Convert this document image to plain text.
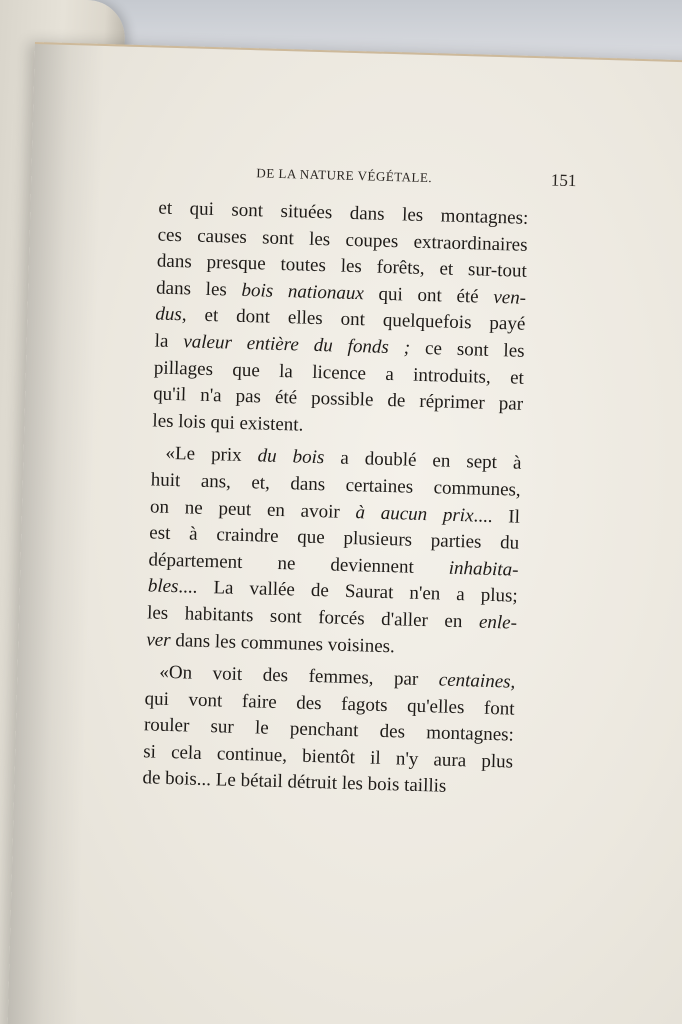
DE LA NATURE VÉGÉTALE.	151
et qui sont situées dans les montagnes:
ces causes sont les coupes extraordinaires
dans presque toutes les forêts, et sur-tout
dans les bois nationaux qui ont été ven-
dus, et dont elles ont quelquefois payé
la valeur entière du fonds ; ce sont les
pillages que la licence a introduits, et
qu'il n'a pas été possible de réprimer par
les lois qui existent.
«Le prix du bois a doublé en sept à
huit ans, et, dans certaines communes,
on ne peut en avoir à aucun prix.... Il
est à craindre que plusieurs parties du
département ne deviennent inhabita-
bles.... La vallée de Saurat n'en a plus;
les habitants sont forcés d'aller en enle-
ver dans les communes voisines.
«On voit des femmes, par centaines,
qui vont faire des fagots qu'elles font
rouler sur le penchant des montagnes:
si cela continue, bientôt il n'y aura plus
de bois... Le bétail détruit les bois taillis
